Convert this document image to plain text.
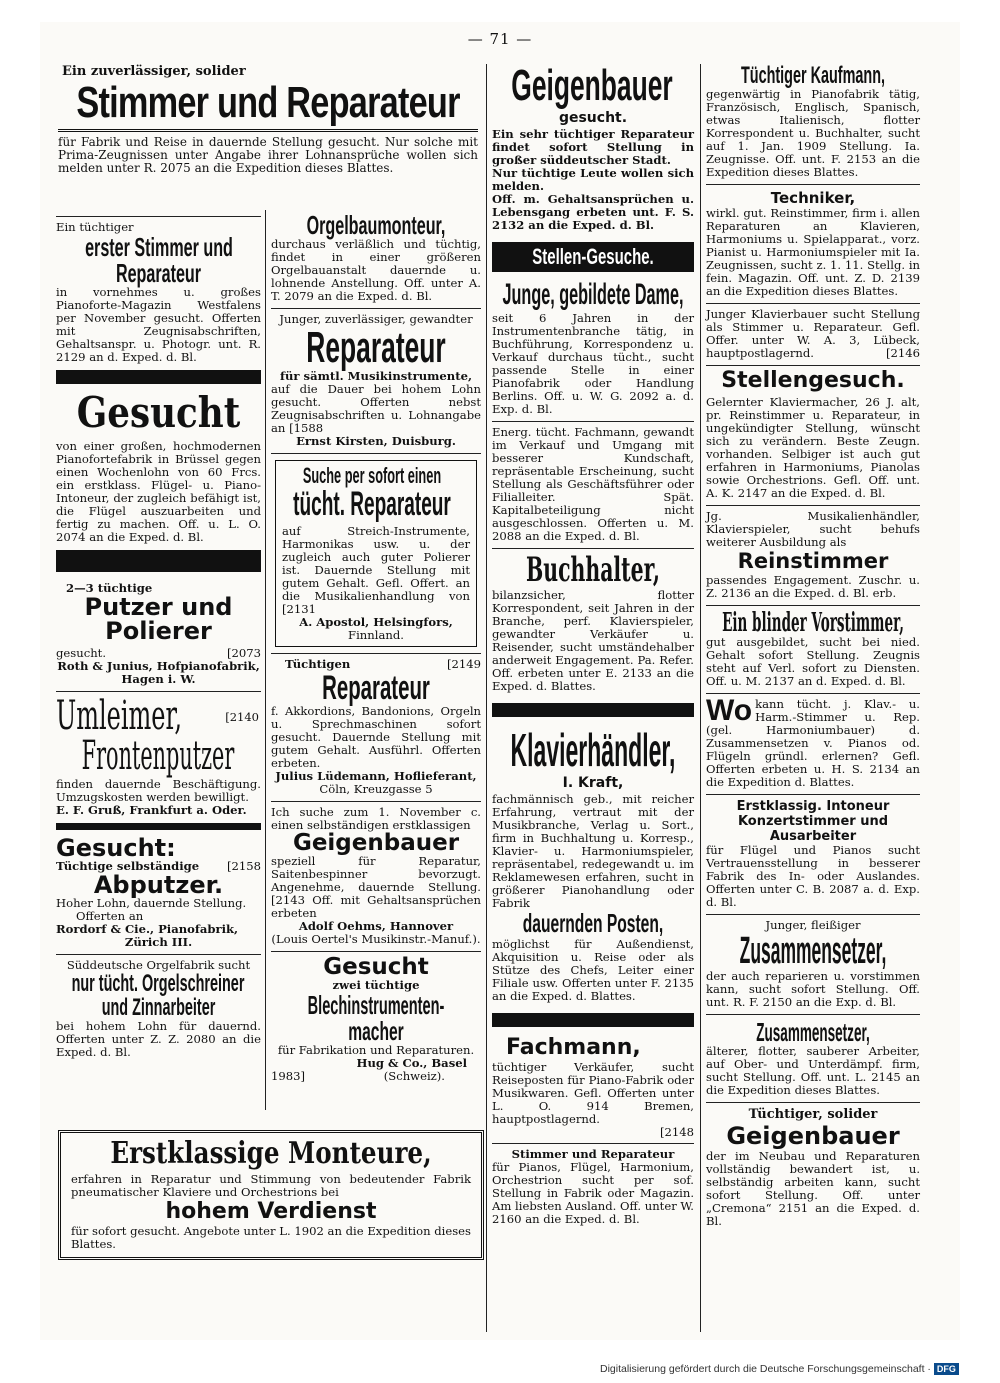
— 71 —
Ein zuverlässiger, solider
Stimmer und Reparateur
für Fabrik und Reise in dauernde Stellung gesucht. Nur solche mit Prima-Zeugnissen unter Angabe ihrer Lohnansprüche wollen sich melden unter R. 2075 an die Expedition dieses Blattes.
Ein tüchtiger
erster Stimmer und
Reparateur
in vornehmes u. großes Pianoforte-Magazin Westfalens per November gesucht. Offerten mit Zeugnisabschriften, Gehaltsanspr. u. Photogr. unt. R. 2129 an d. Exped. d. Bl.
Gesucht
von einer großen, hochmodernen Pianofortefabrik in Brüssel gegen einen Wochenlohn von 60 Frcs. ein erstklass. Flügel- u. Piano-Intoneur, der zugleich befähigt ist, die Flügel auszuarbeiten und fertig zu machen. Off. u. L. O. 2074 an die Exped. d. Bl.
2—3 tüchtige
Putzer und
Polierer
gesucht.	[2073
Roth & Junius, Hofpianofabrik,
Hagen i. W.
Umleimer,	[2140
Frontenputzer
finden dauernde Beschäftigung. Umzugskosten werden bewilligt.
E. F. Gruß, Frankfurt a. Oder.
Gesucht:
Tüchtige selbständige [2158
Abputzer.
Hoher Lohn, dauernde Stellung.
Offerten an
Rordorf & Cie., Pianofabrik,
Zürich III.
Süddeutsche Orgelfabrik sucht
nur tücht. Orgelschreiner
und Zinnarbeiter
bei hohem Lohn für dauernd. Offerten unter Z. Z. 2080 an die Exped. d. Bl.
Orgelbaumonteur,
durchaus verläßlich und tüchtig, findet in einer größeren Orgelbauanstalt dauernde u. lohnende Anstellung. Off. unter A. T. 2079 an die Exped. d. Bl.
Junger, zuverlässiger, gewandter
Reparateur
für sämtl. Musikinstrumente,
auf die Dauer bei hohem Lohn gesucht. Offerten nebst Zeugnisabschriften u. Lohnangabe an [1588
Ernst Kirsten, Duisburg.
Suche per sofort einen
tücht. Reparateur
auf Streich-Instrumente, Harmonikas usw. u. der zugleich auch guter Polierer ist. Dauernde Stellung mit gutem Gehalt. Gefl. Offert. an die Musikalienhandlung von [2131
A. Apostol, Helsingfors,
Finnland.
Tüchtigen	[2149
Reparateur
f. Akkordions, Bandonions, Orgeln u. Sprechmaschinen sofort gesucht. Dauernde Stellung mit gutem Gehalt. Ausführl. Offerten erbeten.
Julius Lüdemann, Hoflieferant,
Cöln, Kreuzgasse 5
Ich suche zum 1. November c. einen selbständigen erstklassigen
Geigenbauer
speziell für Reparatur, Saitenbespinner bevorzugt. Angenehme, dauernde Stellung. [2143 Off. mit Gehaltsansprüchen erbeten
Adolf Oehms, Hannover
(Louis Oertel's Musikinstr.-Manuf.).
Gesucht
zwei tüchtige
Blechinstrumenten-
macher
für Fabrikation und Reparaturen.
Hug & Co., Basel
1983]	(Schweiz).
Erstklassige Monteure,
erfahren in Reparatur und Stimmung von bedeutender Fabrik pneumatischer Klaviere und Orchestrions bei
hohem Verdienst
für sofort gesucht. Angebote unter L. 1902 an die Expedition dieses Blattes.
Geigenbauer
gesucht.
Ein sehr tüchtiger Reparateur findet sofort Stellung in großer süddeutscher Stadt.
Nur tüchtige Leute wollen sich melden.
Off. m. Gehaltsansprüchen u. Lebensgang erbeten unt. F. S. 2132 an die Exped. d. Bl.
Stellen-Gesuche.
Junge, gebildete Dame,
seit 6 Jahren in der Instrumentenbranche tätig, in Buchführung, Korrespondenz u. Verkauf durchaus tücht., sucht passende Stelle in einer Pianofabrik oder Handlung Berlins. Off. u. W. G. 2092 a. d. Exp. d. Bl.
Energ. tücht. Fachmann, gewandt im Verkauf und Umgang mit besserer Kundschaft, repräsentable Erscheinung, sucht Stellung als Geschäftsführer oder Filialleiter. Spät. Kapitalbeteiligung nicht ausgeschlossen. Offerten u. M. 2088 an die Exped. d. Bl.
Buchhalter,
bilanzsicher, flotter Korrespondent, seit Jahren in der Branche, perf. Klavierspieler, gewandter Verkäufer u. Reisender, sucht umständehalber anderweit Engagement. Pa. Refer. Off. erbeten unter E. 2133 an die Exped. d. Blattes.
Klavierhändler,
I. Kraft,
fachmännisch geb., mit reicher Erfahrung, vertraut mit der Musikbranche, Verlag u. Sort., firm in Buchhaltung u. Korresp., Klavier- u. Harmoniumspieler, repräsentabel, redegewandt u. im Reklamewesen erfahren, sucht in größerer Pianohandlung oder Fabrik
dauernden Posten,
möglichst für Außendienst, Akquisition u. Reise oder als Stütze des Chefs, Leiter einer Filiale usw. Offerten unter F. 2135 an die Exped. d. Blattes.
Fachmann,
tüchtiger Verkäufer, sucht Reiseposten für Piano-Fabrik oder Musikwaren. Gefl. Offerten unter L. O. 914 Bremen, hauptpostlagernd.
[2148
Stimmer und Reparateur
für Pianos, Flügel, Harmonium, Orchestrion sucht per sof. Stellung in Fabrik oder Magazin. Am liebsten Ausland. Off. unter W. 2160 an die Exped. d. Bl.
Tüchtiger Kaufmann,
gegenwärtig in Pianofabrik tätig, Französisch, Englisch, Spanisch, etwas Italienisch, flotter Korrespondent u. Buchhalter, sucht auf 1. Jan. 1909 Stellung. Ia. Zeugnisse. Off. unt. F. 2153 an die Expedition dieses Blattes.
Techniker,
wirkl. gut. Reinstimmer, firm i. allen Reparaturen an Klavieren, Harmoniums u. Spielapparat., vorz. Pianist u. Harmoniumspieler mit Ia. Zeugnissen, sucht z. 1. 11. Stellg. in fein. Magazin. Off. unt. Z. D. 2139 an die Expedition dieses Blattes.
Junger Klavierbauer sucht Stellung als Stimmer u. Reparateur. Gefl. Offer. unter W. A. 3, Lübeck, hauptpostlagernd.	[2146
Stellengesuch.
Gelernter Klaviermacher, 26 J. alt, pr. Reinstimmer u. Reparateur, in ungekündigter Stellung, wünscht sich zu verändern. Beste Zeugn. vorhanden. Selbiger ist auch gut erfahren in Harmoniums, Pianolas sowie Orchestrions. Gefl. Off. unt. A. K. 2147 an die Exped. d. Bl.
Jg. Musikalienhändler, Klavierspieler, sucht behufs weiterer Ausbildung als
Reinstimmer
passendes Engagement. Zuschr. u. Z. 2136 an die Exped. d. Bl. erb.
Ein blinder Vorstimmer,
gut ausgebildet, sucht bei nied. Gehalt sofort Stellung. Zeugnis steht auf Verl. sofort zu Diensten. Off. u. M. 2137 an d. Exped. d. Bl.
Wo kann tücht. j. Klav.- u. Harm.-Stimmer u. Rep. (gel. Harmoniumbauer) d. Zusammensetzen v. Pianos od. Flügeln gründl. erlernen? Gefl. Offerten erbeten u. H. S. 2134 an die Expedition d. Blattes.
Erstklassig. Intoneur
Konzertstimmer und
Ausarbeiter
für Flügel und Pianos sucht Vertrauensstellung in besserer Fabrik des In- oder Auslandes. Offerten unter C. B. 2087 a. d. Exp. d. Bl.
Junger, fleißiger
Zusammensetzer,
der auch reparieren u. vorstimmen kann, sucht sofort Stellung. Off. unt. R. F. 2150 an die Exp. d. Bl.
Zusammensetzer,
älterer, flotter, sauberer Arbeiter, auf Ober- und Unterdämpf. firm, sucht Stellung. Off. unt. L. 2145 an die Expedition dieses Blattes.
Tüchtiger, solider
Geigenbauer
der im Neubau und Reparaturen vollständig bewandert ist, u. selbständig arbeiten kann, sucht sofort Stellung. Off. unter „Cremona“ 2151 an die Exped. d. Bl.
Digitalisierung gefördert durch die Deutsche Forschungsgemeinschaft · DFG
